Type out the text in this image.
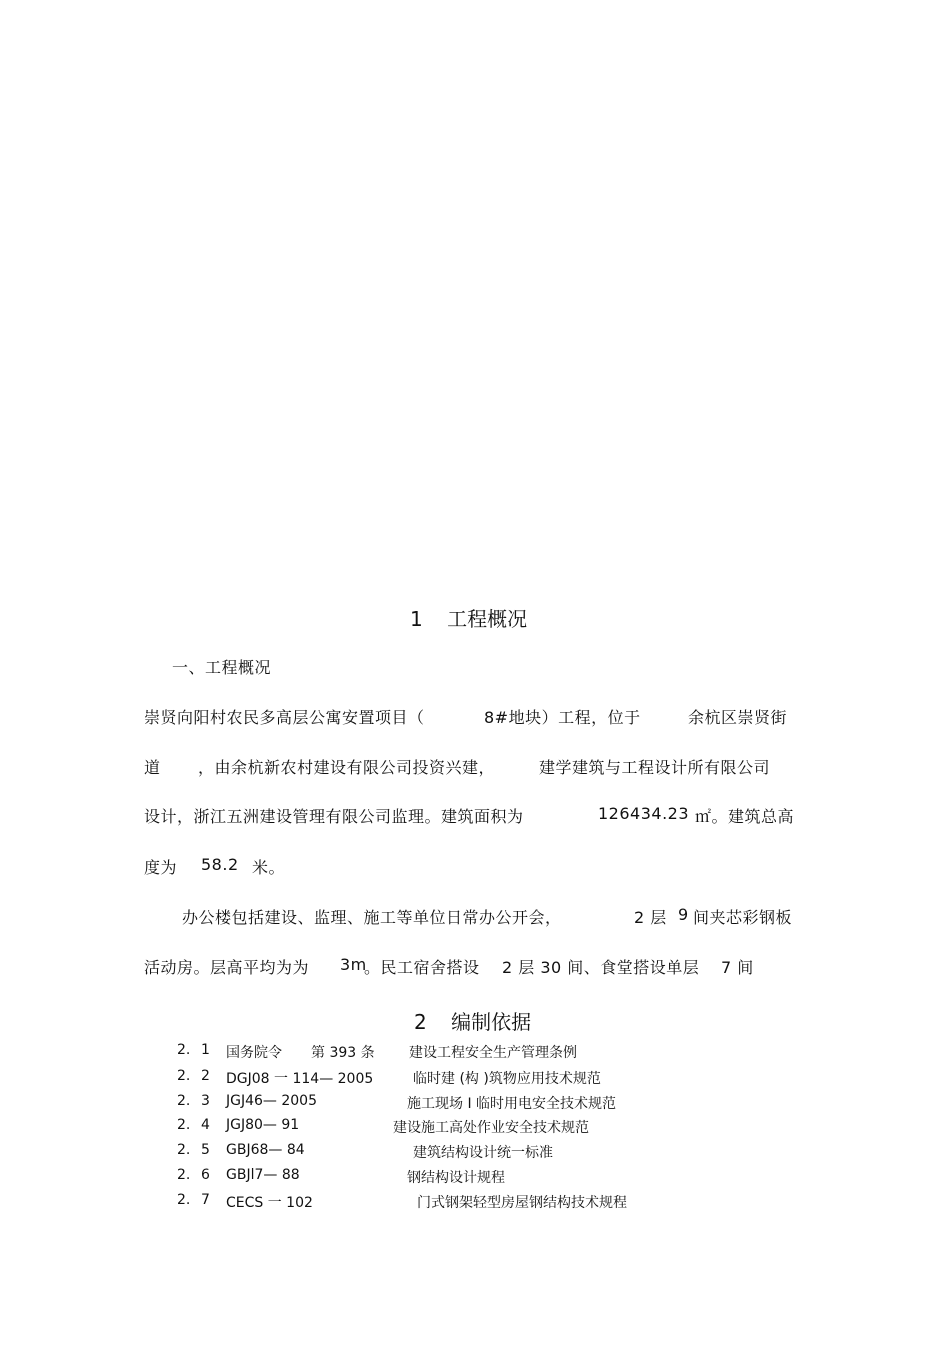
1 工程概况
一、工程概况
崇贤向阳村农民多高层公寓安置项目（	8#地块）工程，位于	余杭区崇贤街
道 ，由余杭新农村建设有限公司投资兴建，	建学建筑与工程设计所有限公司
设计，浙江五洲建设管理有限公司监理。建筑面积为	126434.23 ㎡。建筑总高
度为 58.2 米。
办公楼包括建设、监理、施工等单位日常办公开会，	2 层 9 间夹芯彩钢板
活动房。层高平均为为 3m
。民工宿舍搭设 2 层 30 间、食堂搭设单层 7 间
2 编制依据
2. 1 国务院令 第 393 条 建设工程安全生产管理条例
2. 2 DGJ08 一 114— 2005	临时建 (构 )筑物应用技术规范
2. 3 JGJ46— 2005	施工现场 I 临时用电安全技术规范
2. 4 JGJ80— 91	建设施工高处作业安全技术规范
2. 5 GBJ68— 84	建筑结构设计统一标准
2. 6 GBJl7— 88	钢结构设计规程
2. 7 CECS 一 102	门式钢架轻型房屋钢结构技术规程
